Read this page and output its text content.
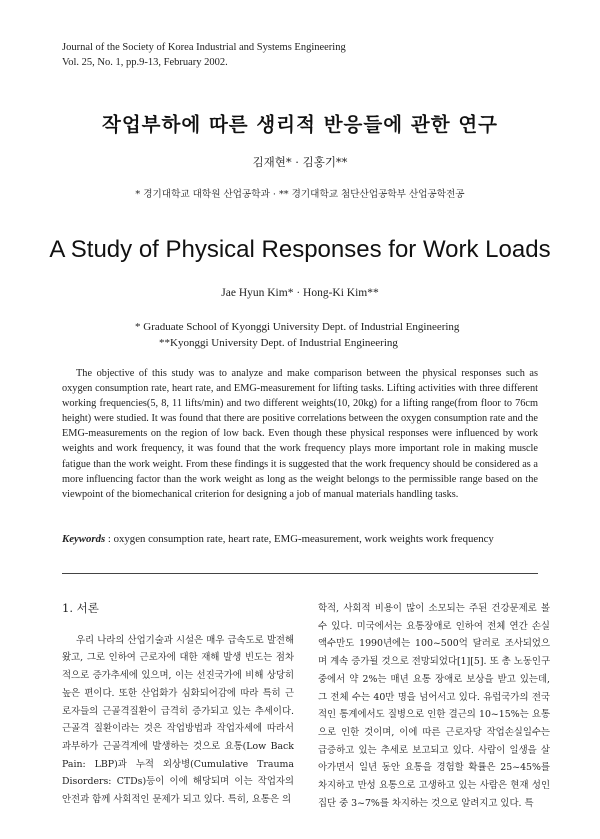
Journal of the Society of Korea Industrial and Systems Engineering
Vol. 25, No. 1, pp.9-13, February 2002.
작업부하에 따른 생리적 반응들에 관한 연구
김재현* · 김홍기**
* 경기대학교 대학원 산업공학과 · ** 경기대학교 첨단산업공학부 산업공학전공
A Study of Physical Responses for Work Loads
Jae Hyun Kim* · Hong-Ki Kim**
* Graduate School of Kyonggi University Dept. of Industrial Engineering
**Kyonggi University Dept. of Industrial Engineering

The objective of this study was to analyze and make comparison between the physical responses such as oxygen consumption rate, heart rate, and EMG-measurement for lifting tasks. Lifting activities with three different working frequencies(5, 8, 11 lifts/min) and two different weights(10, 20kg) for a lifting range(from floor to 76cm height) were studied. It was found that there are positive correlations between the oxygen consumption rate and the EMG-measurements on the region of low back. Even though these physical responses were influenced by work weights and work frequency, it was found that the work frequency plays more important role in making muscle fatigue than the work weight. From these findings it is suggested that the work frequency should be considered as a more influencing factor than the work weight as long as the weight belongs to the permissible range based on the viewpoint of the biomechanical criterion for designing a job of manual materials handling tasks.

Keywords : oxygen consumption rate, heart rate, EMG-measurement, work weights work frequency

1. 서론

우리 나라의 산업기술과 시설은 매우 급속도로 발전해 왔고, 그로 인하여 근로자에 대한 재해 발생 빈도는 점차적으로 증가추세에 있으며, 이는 선진국가에 비해 상당히 높은 편이다. 또한 산업화가 심화되어감에 따라 특히 근로자들의 근골격질환이 급격히 증가되고 있는 추세이다. 근골격 질환이라는 것은 작업방법과 작업자세에 따라서 과부하가 근골격계에 발생하는 것으로 요통(Low Back Pain: LBP)과 누적 외상병(Cumulative Trauma Disorders: CTDs)등이 이에 해당되며 이는 작업자의 안전과 함께 사회적인 문제가 되고 있다. 특히, 요통은 의

학적, 사회적 비용이 많이 소모되는 주된 건강문제로 볼 수 있다. 미국에서는 요통장애로 인하여 전체 연간 손실액수만도 1990년에는 100~500억 달러로 조사되었으며 계속 증가될 것으로 전망되었다[1][5]. 또 총 노동인구 중에서 약 2%는 매년 요통 장애로 보상을 받고 있는데, 그 전체 수는 40만 명을 넘어서고 있다. 유럽국가의 전국적인 통계에서도 질병으로 인한 결근의 10~15%는 요통으로 인한 것이며, 이에 따른 근로자당 작업손실일수는 급증하고 있는 추세로 보고되고 있다. 사람이 일생을 살아가면서 일년 동안 요통을 경험할 확률은 25~45%를 차지하고 만성 요통으로 고생하고 있는 사람은 현재 성인집단 중 3~7%를 차지하는 것으로 알려지고 있다. 특
